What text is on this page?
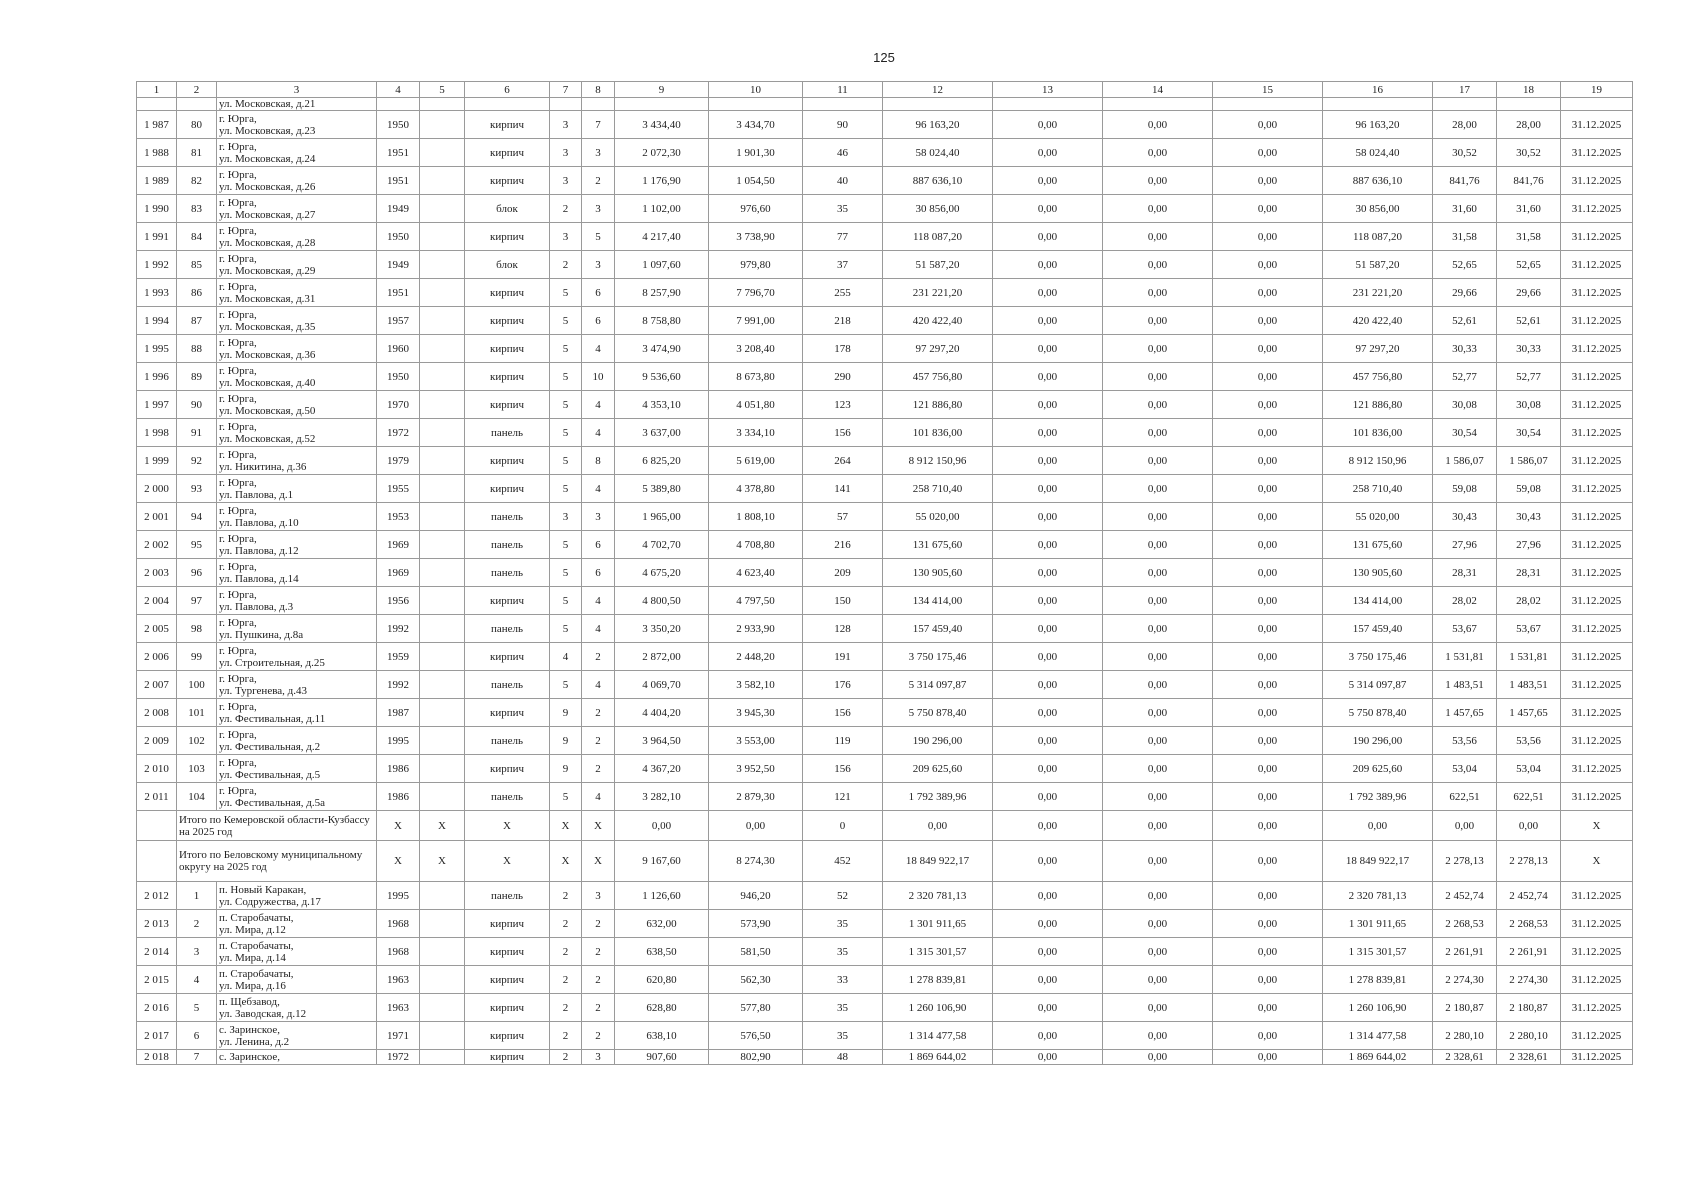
125
1	2	3	4	5	6	7	8	9	10	11	12	13	14	15	16	17	18	19
		ул. Московская, д.21																
1 987	80	г. Юрга,
ул. Московская, д.23	1950		кирпич	3	7	3 434,40	3 434,70	90	96 163,20	0,00	0,00	0,00	96 163,20	28,00	28,00	31.12.2025
1 988	81	г. Юрга,
ул. Московская, д.24	1951		кирпич	3	3	2 072,30	1 901,30	46	58 024,40	0,00	0,00	0,00	58 024,40	30,52	30,52	31.12.2025
1 989	82	г. Юрга,
ул. Московская, д.26	1951		кирпич	3	2	1 176,90	1 054,50	40	887 636,10	0,00	0,00	0,00	887 636,10	841,76	841,76	31.12.2025
1 990	83	г. Юрга,
ул. Московская, д.27	1949		блок	2	3	1 102,00	976,60	35	30 856,00	0,00	0,00	0,00	30 856,00	31,60	31,60	31.12.2025
1 991	84	г. Юрга,
ул. Московская, д.28	1950		кирпич	3	5	4 217,40	3 738,90	77	118 087,20	0,00	0,00	0,00	118 087,20	31,58	31,58	31.12.2025
1 992	85	г. Юрга,
ул. Московская, д.29	1949		блок	2	3	1 097,60	979,80	37	51 587,20	0,00	0,00	0,00	51 587,20	52,65	52,65	31.12.2025
1 993	86	г. Юрга,
ул. Московская, д.31	1951		кирпич	5	6	8 257,90	7 796,70	255	231 221,20	0,00	0,00	0,00	231 221,20	29,66	29,66	31.12.2025
1 994	87	г. Юрга,
ул. Московская, д.35	1957		кирпич	5	6	8 758,80	7 991,00	218	420 422,40	0,00	0,00	0,00	420 422,40	52,61	52,61	31.12.2025
1 995	88	г. Юрга,
ул. Московская, д.36	1960		кирпич	5	4	3 474,90	3 208,40	178	97 297,20	0,00	0,00	0,00	97 297,20	30,33	30,33	31.12.2025
1 996	89	г. Юрга,
ул. Московская, д.40	1950		кирпич	5	10	9 536,60	8 673,80	290	457 756,80	0,00	0,00	0,00	457 756,80	52,77	52,77	31.12.2025
1 997	90	г. Юрга,
ул. Московская, д.50	1970		кирпич	5	4	4 353,10	4 051,80	123	121 886,80	0,00	0,00	0,00	121 886,80	30,08	30,08	31.12.2025
1 998	91	г. Юрга,
ул. Московская, д.52	1972		панель	5	4	3 637,00	3 334,10	156	101 836,00	0,00	0,00	0,00	101 836,00	30,54	30,54	31.12.2025
1 999	92	г. Юрга,
ул. Никитина, д.36	1979		кирпич	5	8	6 825,20	5 619,00	264	8 912 150,96	0,00	0,00	0,00	8 912 150,96	1 586,07	1 586,07	31.12.2025
2 000	93	г. Юрга,
ул. Павлова, д.1	1955		кирпич	5	4	5 389,80	4 378,80	141	258 710,40	0,00	0,00	0,00	258 710,40	59,08	59,08	31.12.2025
2 001	94	г. Юрга,
ул. Павлова, д.10	1953		панель	3	3	1 965,00	1 808,10	57	55 020,00	0,00	0,00	0,00	55 020,00	30,43	30,43	31.12.2025
2 002	95	г. Юрга,
ул. Павлова, д.12	1969		панель	5	6	4 702,70	4 708,80	216	131 675,60	0,00	0,00	0,00	131 675,60	27,96	27,96	31.12.2025
2 003	96	г. Юрга,
ул. Павлова, д.14	1969		панель	5	6	4 675,20	4 623,40	209	130 905,60	0,00	0,00	0,00	130 905,60	28,31	28,31	31.12.2025
2 004	97	г. Юрга,
ул. Павлова, д.3	1956		кирпич	5	4	4 800,50	4 797,50	150	134 414,00	0,00	0,00	0,00	134 414,00	28,02	28,02	31.12.2025
2 005	98	г. Юрга,
ул. Пушкина, д.8а	1992		панель	5	4	3 350,20	2 933,90	128	157 459,40	0,00	0,00	0,00	157 459,40	53,67	53,67	31.12.2025
2 006	99	г. Юрга,
ул. Строительная, д.25	1959		кирпич	4	2	2 872,00	2 448,20	191	3 750 175,46	0,00	0,00	0,00	3 750 175,46	1 531,81	1 531,81	31.12.2025
2 007	100	г. Юрга,
ул. Тургенева, д.43	1992		панель	5	4	4 069,70	3 582,10	176	5 314 097,87	0,00	0,00	0,00	5 314 097,87	1 483,51	1 483,51	31.12.2025
2 008	101	г. Юрга,
ул. Фестивальная, д.11	1987		кирпич	9	2	4 404,20	3 945,30	156	5 750 878,40	0,00	0,00	0,00	5 750 878,40	1 457,65	1 457,65	31.12.2025
2 009	102	г. Юрга,
ул. Фестивальная, д.2	1995		панель	9	2	3 964,50	3 553,00	119	190 296,00	0,00	0,00	0,00	190 296,00	53,56	53,56	31.12.2025
2 010	103	г. Юрга,
ул. Фестивальная, д.5	1986		кирпич	9	2	4 367,20	3 952,50	156	209 625,60	0,00	0,00	0,00	209 625,60	53,04	53,04	31.12.2025
2 011	104	г. Юрга,
ул. Фестивальная, д.5а	1986		панель	5	4	3 282,10	2 879,30	121	1 792 389,96	0,00	0,00	0,00	1 792 389,96	622,51	622,51	31.12.2025
	Итого по Кемеровской области-Кузбассу на 2025 год		X	X	X	X	X	0,00	0,00	0	0,00	0,00	0,00	0,00	0,00	0,00	0,00	X
	Итого по Беловскому муниципальному округу на 2025 год		X	X	X	X	X	9 167,60	8 274,30	452	18 849 922,17	0,00	0,00	0,00	18 849 922,17	2 278,13	2 278,13	X
2 012	1	п. Новый Каракан,
ул. Содружества, д.17	1995		панель	2	3	1 126,60	946,20	52	2 320 781,13	0,00	0,00	0,00	2 320 781,13	2 452,74	2 452,74	31.12.2025
2 013	2	п. Старобачаты,
ул. Мира, д.12	1968		кирпич	2	2	632,00	573,90	35	1 301 911,65	0,00	0,00	0,00	1 301 911,65	2 268,53	2 268,53	31.12.2025
2 014	3	п. Старобачаты,
ул. Мира, д.14	1968		кирпич	2	2	638,50	581,50	35	1 315 301,57	0,00	0,00	0,00	1 315 301,57	2 261,91	2 261,91	31.12.2025
2 015	4	п. Старобачаты,
ул. Мира, д.16	1963		кирпич	2	2	620,80	562,30	33	1 278 839,81	0,00	0,00	0,00	1 278 839,81	2 274,30	2 274,30	31.12.2025
2 016	5	п. Щебзавод,
ул. Заводская, д.12	1963		кирпич	2	2	628,80	577,80	35	1 260 106,90	0,00	0,00	0,00	1 260 106,90	2 180,87	2 180,87	31.12.2025
2 017	6	с. Заринское,
ул. Ленина, д.2	1971		кирпич	2	2	638,10	576,50	35	1 314 477,58	0,00	0,00	0,00	1 314 477,58	2 280,10	2 280,10	31.12.2025
2 018	7	с. Заринское,	1972		кирпич	2	3	907,60	802,90	48	1 869 644,02	0,00	0,00	0,00	1 869 644,02	2 328,61	2 328,61	31.12.2025
